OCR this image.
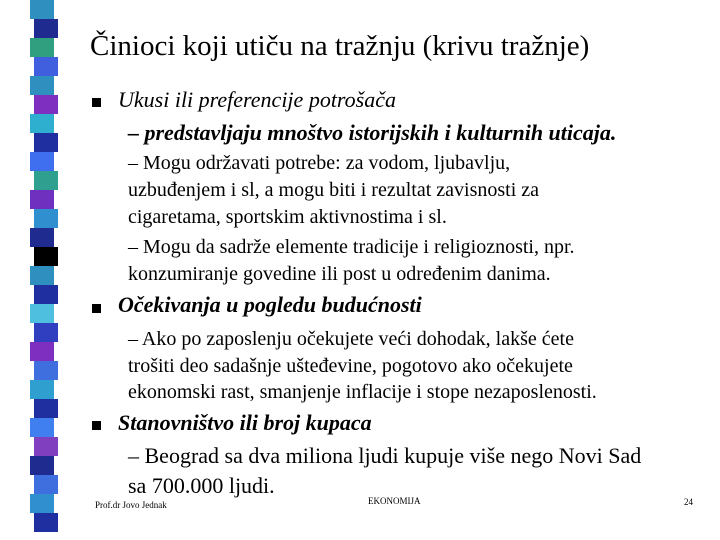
Činioci koji utiču na tražnju (krivu tražnje)
Ukusi ili preferencije potrošača
– predstavljaju mnoštvo istorijskih i kulturnih uticaja.
– Mogu održavati potrebe: za vodom, ljubavlju,
uzbuđenjem i sl, a mogu biti i rezultat zavisnosti za
cigaretama, sportskim aktivnostima i sl.
– Mogu da sadrže elemente tradicije i religioznosti, npr.
konzumiranje govedine ili post u određenim danima.
Očekivanja u pogledu budućnosti
– Ako po zaposlenju očekujete veći dohodak, lakše ćete
trošiti deo sadašnje uštеđevine, pogotovo ako očekujete
ekonomski rast, smanjenje inflacije i stope nezaposlenosti.
Stanovništvo ili broj kupaca
– Beograd sa dva miliona ljudi kupuje više nego Novi Sad
sa 700.000 ljudi.
Prof.dr Jovo Jednak	EKONOMIJA	24
